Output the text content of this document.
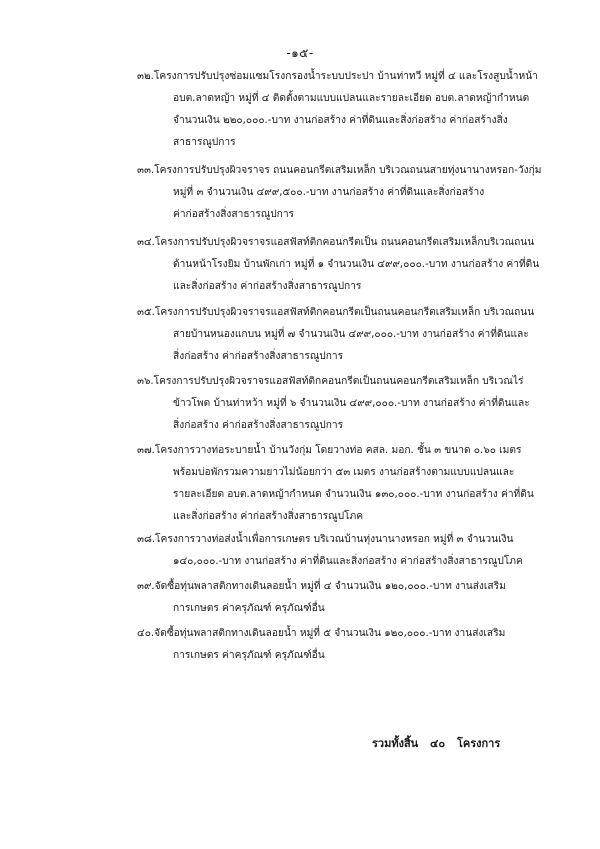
-๑๕-
๓๒.โครงการปรับปรุงซ่อมแซมโรงกรองน้ำระบบประปา บ้านท่าทวี หมู่ที่ ๔ และโรงสูบน้ำหน้า
อบต.ลาดหญ้า หมู่ที่ ๔ ติดตั้งตามแบบแปลนและรายละเอียด อบต.ลาดหญ้ากำหนด
จำนวนเงิน ๒๒๐,๐๐๐.-บาท งานก่อสร้าง ค่าที่ดินและสิ่งก่อสร้าง ค่าก่อสร้างสิ่ง
สาธารณูปการ
๓๓.โครงการปรับปรุงผิวจราจร ถนนคอนกรีตเสริมเหล็ก บริเวณถนนสายทุ่งนานางหรอก-วังกุ่ม
หมู่ที่ ๓ จำนวนเงิน ๔๙๙,๕๐๐.-บาท งานก่อสร้าง ค่าที่ดินและสิ่งก่อสร้าง
ค่าก่อสร้างสิ่งสาธารณูปการ
๓๔.โครงการปรับปรุงผิวจราจรแอสฟัสท์ติกคอนกรีตเป็น ถนนคอนกรีตเสริมเหล็กบริเวณถนน
ด้านหน้าโรงยิม บ้านพักเก่า หมู่ที่ ๑ จำนวนเงิน ๔๙๙,๐๐๐.-บาท งานก่อสร้าง ค่าที่ดิน
และสิ่งก่อสร้าง ค่าก่อสร้างสิ่งสาธารณูปการ
๓๕.โครงการปรับปรุงผิวจราจรแอสฟัสท์ติกคอนกรีตเป็นถนนคอนกรีตเสริมเหล็ก บริเวณถนน
สายบ้านหนองแกบน หมู่ที่ ๗ จำนวนเงิน ๔๙๙,๐๐๐.-บาท งานก่อสร้าง ค่าที่ดินและ
สิ่งก่อสร้าง ค่าก่อสร้างสิ่งสาธารณูปการ
๓๖.โครงการปรับปรุงผิวจราจรแอสฟัสท์ติกคอนกรีตเป็นถนนคอนกรีตเสริมเหล็ก บริเวณไร่
ข้าวโพด บ้านท่าหว้า หมู่ที่ ๖ จำนวนเงิน ๔๙๙,๐๐๐.-บาท งานก่อสร้าง ค่าที่ดินและ
สิ่งก่อสร้าง ค่าก่อสร้างสิ่งสาธารณูปการ
๓๗.โครงการวางท่อระบายน้ำ บ้านวังกุ่ม โดยวางท่อ คสล. มอก. ชั้น ๓ ขนาด ๐.๖๐ เมตร
พร้อมบ่อพักรวมความยาวไม่น้อยกว่า ๕๓ เมตร งานก่อสร้างตามแบบแปลนและ
รายละเอียด อบต.ลาดหญ้ากำหนด จำนวนเงิน ๑๓๐,๐๐๐.-บาท งานก่อสร้าง ค่าที่ดิน
และสิ่งก่อสร้าง ค่าก่อสร้างสิ่งสาธารณูปโภค
๓๘.โครงการวางท่อส่งน้ำเพื่อการเกษตร บริเวณบ้านทุ่งนานางหรอก หมู่ที่ ๓ จำนวนเงิน
๑๔๐,๐๐๐.-บาท งานก่อสร้าง ค่าที่ดินและสิ่งก่อสร้าง ค่าก่อสร้างสิ่งสาธารณูปโภค
๓๙.จัดซื้อทุ่นพลาสติกทางเดินลอยน้ำ หมู่ที่ ๔ จำนวนเงิน ๑๒๐,๐๐๐.-บาท งานส่งเสริม
การเกษตร ค่าครุภัณฑ์ ครุภัณฑ์อื่น
๔๐.จัดซื้อทุ่นพลาสติกทางเดินลอยน้ำ หมู่ที่ ๕ จำนวนเงิน ๑๒๐,๐๐๐.-บาท งานส่งเสริม
การเกษตร ค่าครุภัณฑ์ ครุภัณฑ์อื่น
รวมทั้งสิ้น ๔๐ โครงการ
